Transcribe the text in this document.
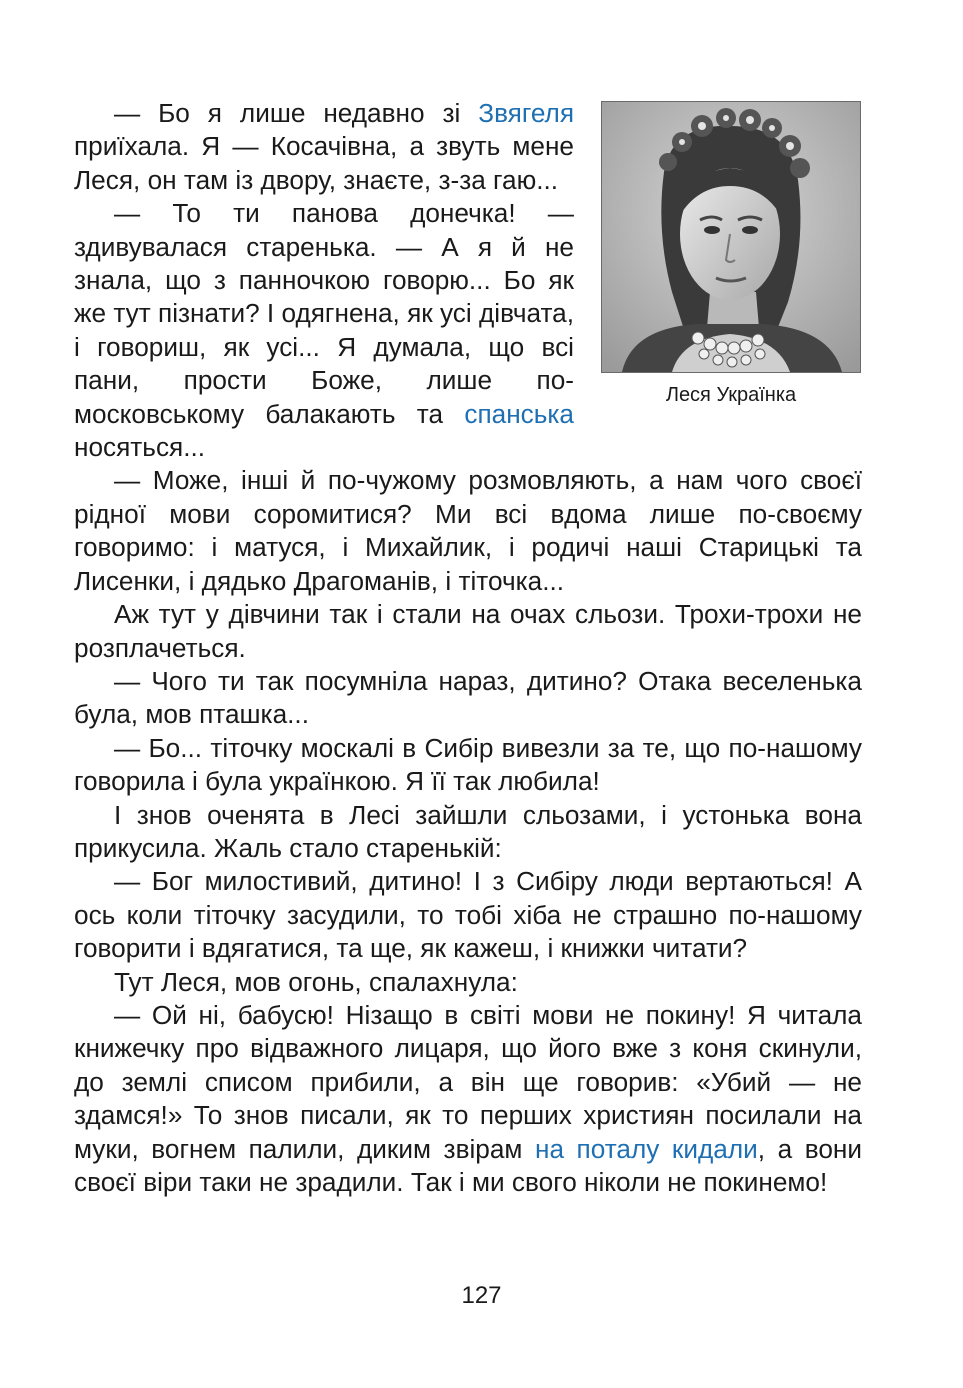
Леся Українка

— Бо я лише недавно зі Звягеля приїхала. Я — Косачівна, а звуть мене Леся, он там із двору, знаєте, з-за гаю...

— То ти панова донечка! — здивувалася старенька. — А я й не знала, що з панночкою говорю... Бо як же тут пізнати? І одягнена, як усі дівчата, і говориш, як усі... Я думала, що всі пани, прости Боже, лише по-московському балакають та спанська носяться...

— Може, інші й по-чужому розмовляють, а нам чого своєї рідної мови соромитися? Ми всі вдома лише по-своєму говоримо: і матуся, і Михайлик, і родичі наші Старицькі та Лисенки, і дядько Драгоманів, і тіточка...

Аж тут у дівчини так і стали на очах сльози. Трохи-трохи не розплачеться.

— Чого ти так посумніла нараз, дитино? Отака веселенька була, мов пташка...

— Бо... тіточку москалі в Сибір вивезли за те, що по-нашому говорила і була українкою. Я її так любила!

І знов оченята в Лесі зайшли сльозами, і устонька вона прикусила. Жаль стало старенькій:

— Бог милостивий, дитино! І з Сибіру люди вертаються! А ось коли тіточку засудили, то тобі хіба не страшно по-нашому говорити і вдягатися, та ще, як кажеш, і книжки читати?

Тут Леся, мов огонь, спалахнула:

— Ой ні, бабусю! Нізащо в світі мови не покину! Я читала книжечку про відважного лицаря, що його вже з коня скинули, до землі списом прибили, а він ще говорив: «Убий — не здамся!» То знов писали, як то перших християн посилали на муки, вогнем палили, диким звірам на поталу кидали, а вони своєї віри таки не зрадили. Так і ми свого ніколи не покинемо!

127
